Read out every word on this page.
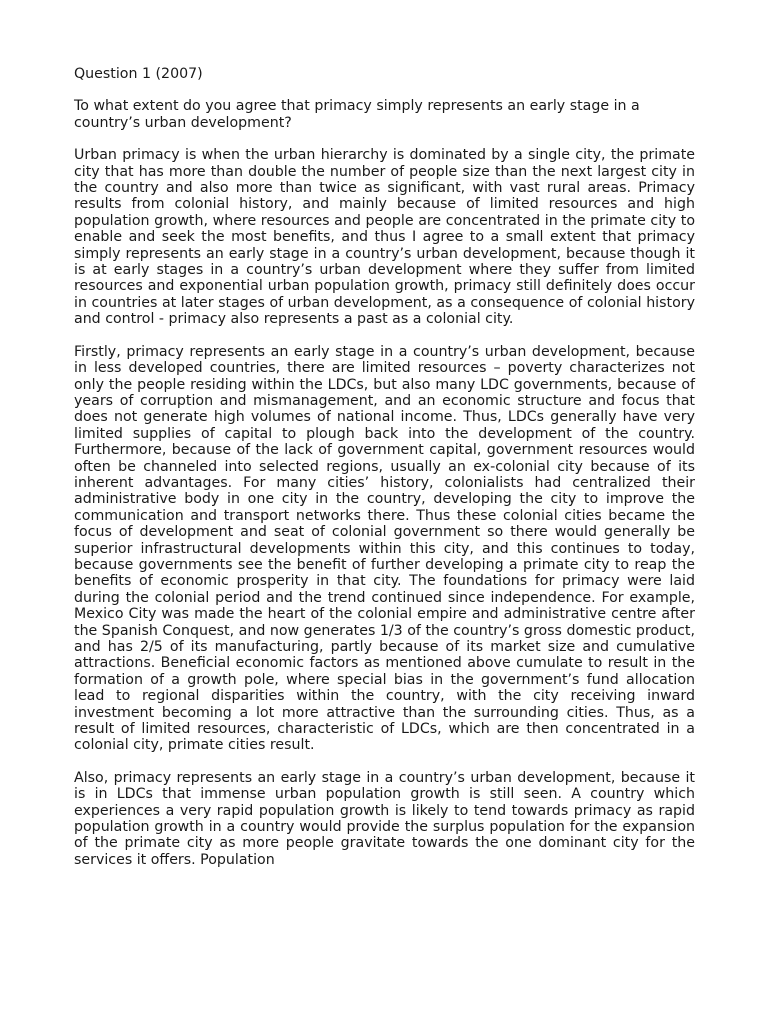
Question 1 (2007)

To what extent do you agree that primacy simply represents an early stage in a country’s urban development?

Urban primacy is when the urban hierarchy is dominated by a single city, the primate city that has more than double the number of people size than the next largest city in the country and also more than twice as significant, with vast rural areas. Primacy results from colonial history, and mainly because of limited resources and high population growth, where resources and people are concentrated in the primate city to enable and seek the most benefits, and thus I agree to a small extent that primacy simply represents an early stage in a country’s urban development, because though it is at early stages in a country’s urban development where they suffer from limited resources and exponential urban population growth, primacy still definitely does occur in countries at later stages of urban development, as a consequence of colonial history and control - primacy also represents a past as a colonial city.

Firstly, primacy represents an early stage in a country’s urban development, because in less developed countries, there are limited resources – poverty characterizes not only the people residing within the LDCs, but also many LDC governments, because of years of corruption and mismanagement, and an economic structure and focus that does not generate high volumes of national income. Thus, LDCs generally have very limited supplies of capital to plough back into the development of the country. Furthermore, because of the lack of government capital, government resources would often be channeled into selected regions, usually an ex-colonial city because of its inherent advantages. For many cities’ history, colonialists had centralized their administrative body in one city in the country, developing the city to improve the communication and transport networks there. Thus these colonial cities became the focus of development and seat of colonial government so there would generally be superior infrastructural developments within this city, and this continues to today, because governments see the benefit of further developing a primate city to reap the benefits of economic prosperity in that city. The foundations for primacy were laid during the colonial period and the trend continued since independence. For example, Mexico City was made the heart of the colonial empire and administrative centre after the Spanish Conquest, and now generates 1/3 of the country’s gross domestic product, and has 2/5 of its manufacturing, partly because of its market size and cumulative attractions. Beneficial economic factors as mentioned above cumulate to result in the formation of a growth pole, where special bias in the government’s fund allocation lead to regional disparities within the country, with the city receiving inward investment becoming a lot more attractive than the surrounding cities. Thus, as a result of limited resources, characteristic of LDCs, which are then concentrated in a colonial city, primate cities result.

Also, primacy represents an early stage in a country’s urban development, because it is in LDCs that immense urban population growth is still seen. A country which experiences a very rapid population growth is likely to tend towards primacy as rapid population growth in a country would provide the surplus population for the expansion of the primate city as more people gravitate towards the one dominant city for the services it offers. Population
